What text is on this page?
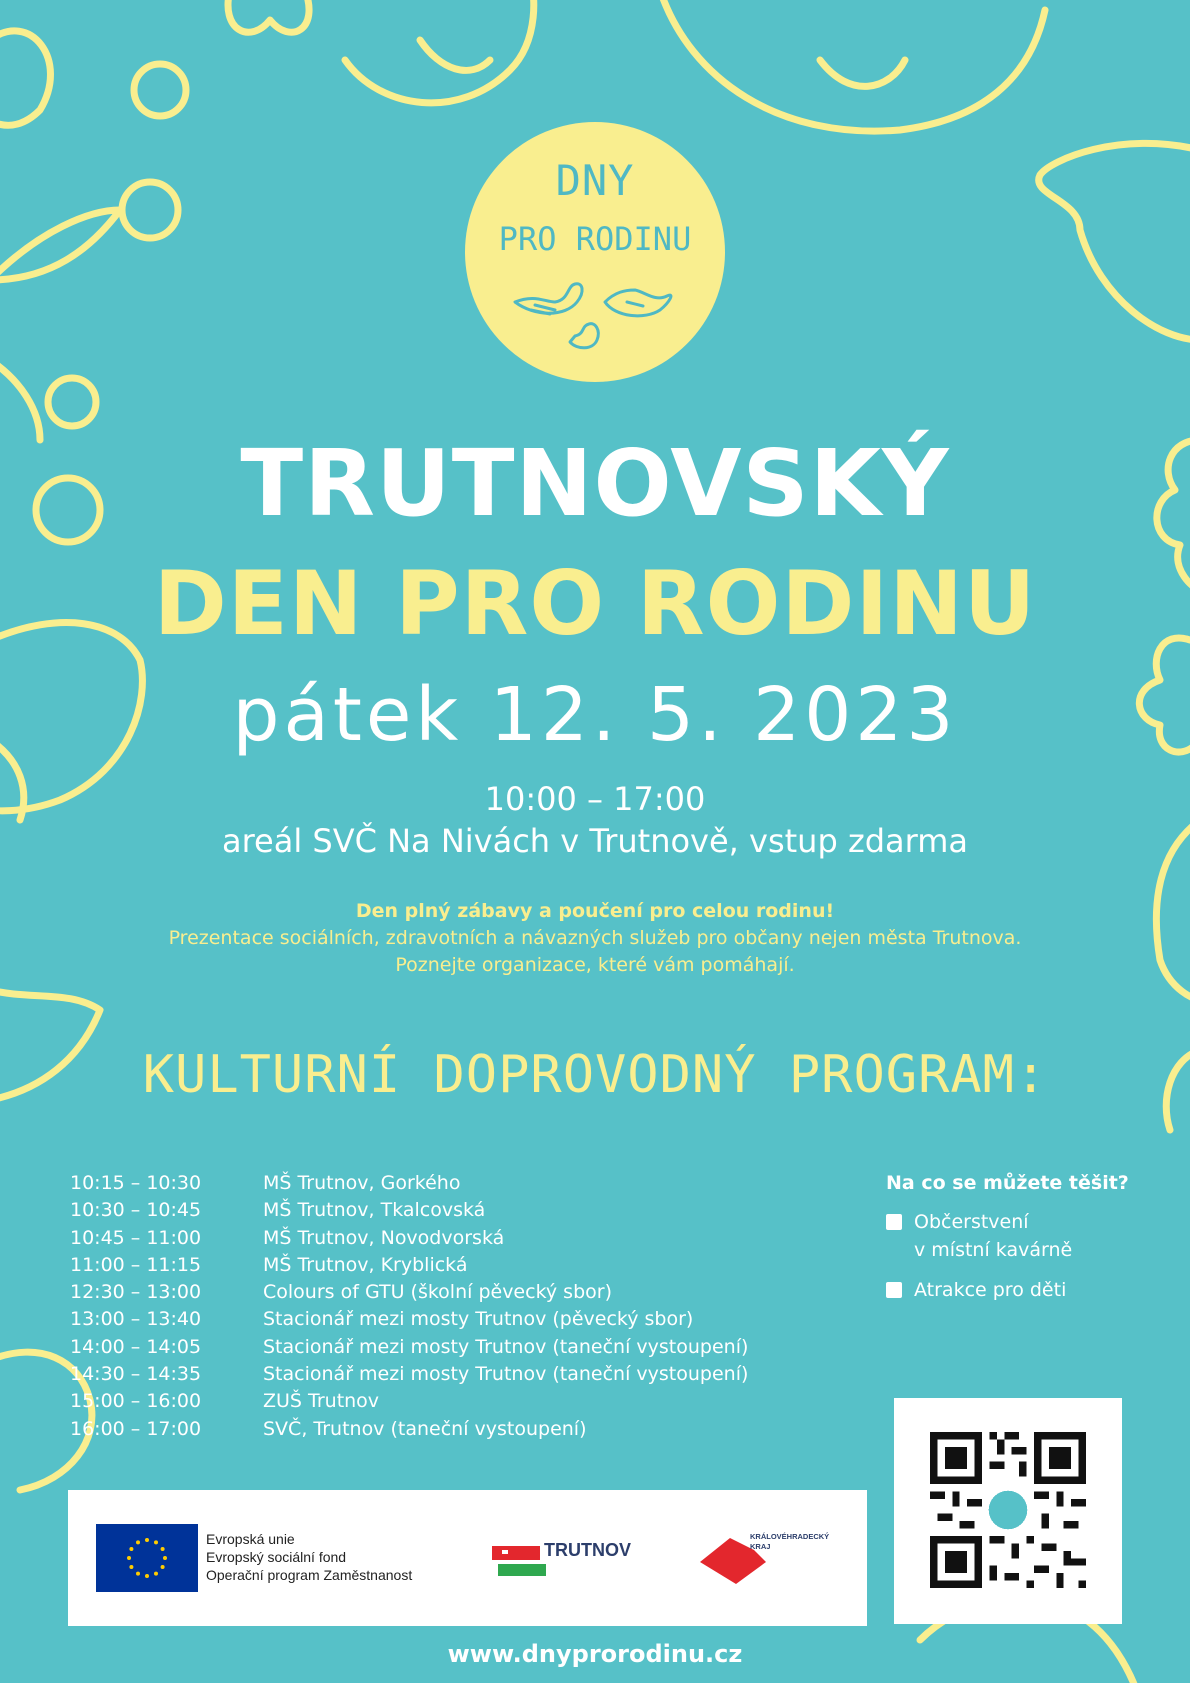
DNY
PRO RODINU
TRUTNOVSKÝ
DEN PRO RODINU
pátek 12. 5. 2023
10:00 – 17:00
areál SVČ Na Nivách v Trutnově, vstup zdarma
Den plný zábavy a poučení pro celou rodinu!
Prezentace sociálních, zdravotních a návazných služeb pro občany nejen města Trutnova.
Poznejte organizace, které vám pomáhají.
KULTURNÍ DOPROVODNÝ PROGRAM:
10:15 – 10:30	MŠ Trutnov, Gorkého
10:30 – 10:45	MŠ Trutnov, Tkalcovská
10:45 – 11:00	MŠ Trutnov, Novodvorská
11:00 – 11:15	MŠ Trutnov, Kryblická
12:30 – 13:00	Colours of GTU (školní pěvecký sbor)
13:00 – 13:40	Stacionář mezi mosty Trutnov (pěvecký sbor)
14:00 – 14:05	Stacionář mezi mosty Trutnov (taneční vystoupení)
14:30 – 14:35	Stacionář mezi mosty Trutnov (taneční vystoupení)
15:00 – 16:00	ZUŠ Trutnov
16:00 – 17:00	SVČ, Trutnov (taneční vystoupení)
Na co se můžete těšit?
Občerstvení
v místní kavárně
Atrakce pro děti
Evropská unie
Evropský sociální fond
Operační program Zaměstnanost
TRUTNOV
KRÁLOVÉHRADECKÝ
KRAJ
www.dnyprorodinu.cz
